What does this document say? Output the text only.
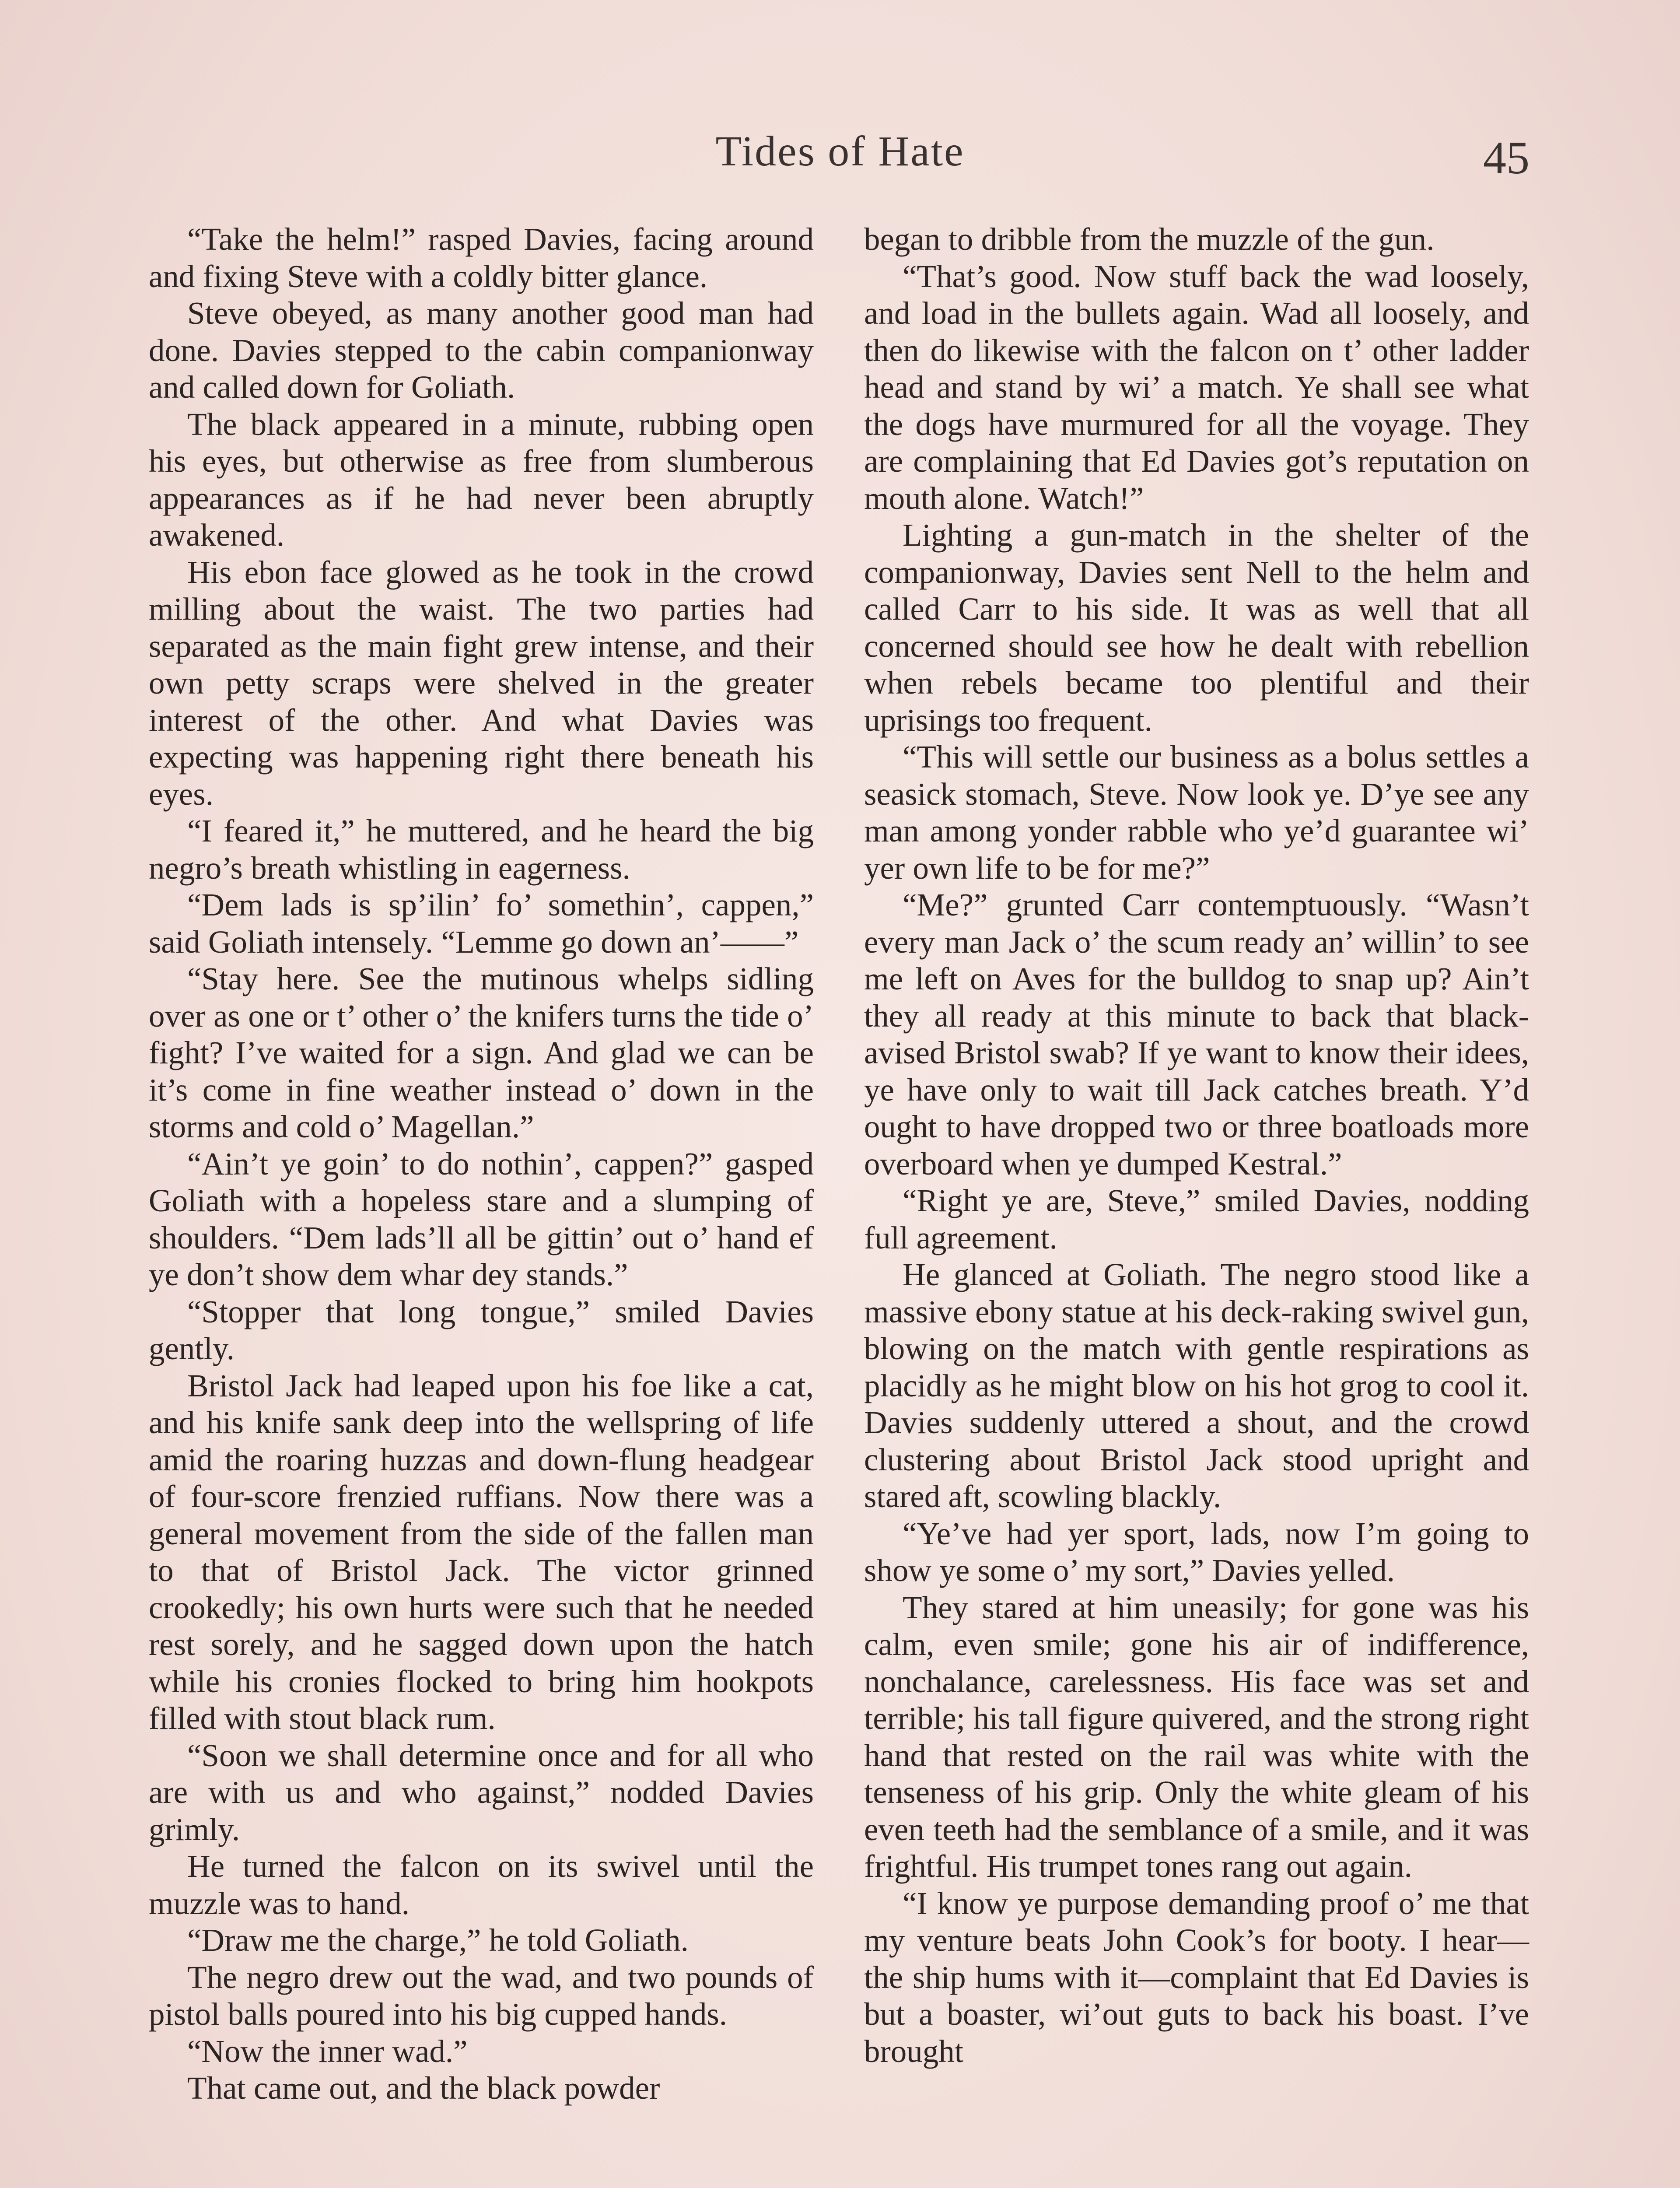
Tides of Hate	45

“Take the helm!” rasped Davies, facing around and fixing Steve with a coldly bitter glance.

Steve obeyed, as many another good man had done. Davies stepped to the cabin companionway and called down for Goliath.

The black appeared in a minute, rubbing open his eyes, but otherwise as free from slumberous appearances as if he had never been abruptly awakened.

His ebon face glowed as he took in the crowd milling about the waist. The two parties had separated as the main fight grew intense, and their own petty scraps were shelved in the greater interest of the other. And what Davies was expecting was happening right there beneath his eyes.

“I feared it,” he muttered, and he heard the big negro’s breath whistling in eagerness.

“Dem lads is sp’ilin’ fo’ somethin’, cappen,” said Goliath intensely. “Lemme go down an’——”

“Stay here. See the mutinous whelps sidling over as one or t’ other o’ the knifers turns the tide o’ fight? I’ve waited for a sign. And glad we can be it’s come in fine weather instead o’ down in the storms and cold o’ Magellan.”

“Ain’t ye goin’ to do nothin’, cappen?” gasped Goliath with a hopeless stare and a slumping of shoulders. “Dem lads’ll all be gittin’ out o’ hand ef ye don’t show dem whar dey stands.”

“Stopper that long tongue,” smiled Davies gently.

Bristol Jack had leaped upon his foe like a cat, and his knife sank deep into the wellspring of life amid the roaring huzzas and down-flung headgear of four-score frenzied ruffians. Now there was a general movement from the side of the fallen man to that of Bristol Jack. The victor grinned crookedly; his own hurts were such that he needed rest sorely, and he sagged down upon the hatch while his cronies flocked to bring him hookpots filled with stout black rum.

“Soon we shall determine once and for all who are with us and who against,” nodded Davies grimly.

He turned the falcon on its swivel until the muzzle was to hand.

“Draw me the charge,” he told Goliath.

The negro drew out the wad, and two pounds of pistol balls poured into his big cupped hands.

“Now the inner wad.”

That came out, and the black powder

began to dribble from the muzzle of the gun.

“That’s good. Now stuff back the wad loosely, and load in the bullets again. Wad all loosely, and then do likewise with the falcon on t’ other ladder head and stand by wi’ a match. Ye shall see what the dogs have murmured for all the voyage. They are complaining that Ed Davies got’s reputation on mouth alone. Watch!”

Lighting a gun-match in the shelter of the companionway, Davies sent Nell to the helm and called Carr to his side. It was as well that all concerned should see how he dealt with rebellion when rebels became too plentiful and their uprisings too frequent.

“This will settle our business as a bolus settles a seasick stomach, Steve. Now look ye. D’ye see any man among yonder rabble who ye’d guarantee wi’ yer own life to be for me?”

“Me?” grunted Carr contemptuously. “Wasn’t every man Jack o’ the scum ready an’ willin’ to see me left on Aves for the bulldog to snap up? Ain’t they all ready at this minute to back that black-avised Bristol swab? If ye want to know their idees, ye have only to wait till Jack catches breath. Y’d ought to have dropped two or three boatloads more overboard when ye dumped Kestral.”

“Right ye are, Steve,” smiled Davies, nodding full agreement.

He glanced at Goliath. The negro stood like a massive ebony statue at his deck-raking swivel gun, blowing on the match with gentle respirations as placidly as he might blow on his hot grog to cool it. Davies suddenly uttered a shout, and the crowd clustering about Bristol Jack stood upright and stared aft, scowling blackly.

“Ye’ve had yer sport, lads, now I’m going to show ye some o’ my sort,” Davies yelled.

They stared at him uneasily; for gone was his calm, even smile; gone his air of indifference, nonchalance, carelessness. His face was set and terrible; his tall figure quivered, and the strong right hand that rested on the rail was white with the tenseness of his grip. Only the white gleam of his even teeth had the semblance of a smile, and it was frightful. His trumpet tones rang out again.

“I know ye purpose demanding proof o’ me that my venture beats John Cook’s for booty. I hear—the ship hums with it—complaint that Ed Davies is but a boaster, wi’out guts to back his boast. I’ve brought
